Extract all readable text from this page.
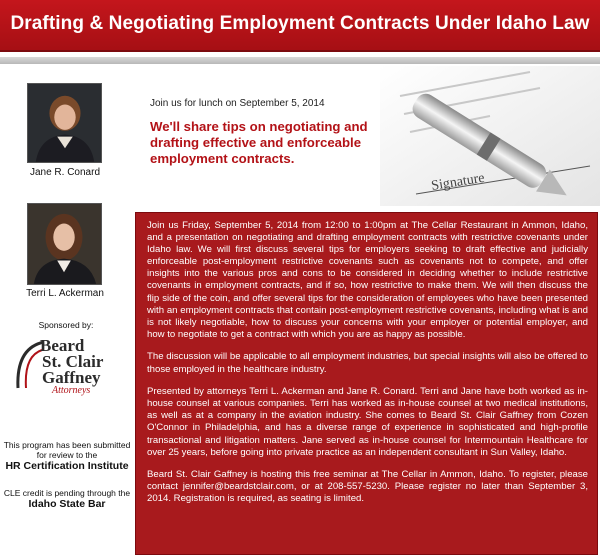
Drafting & Negotiating Employment Contracts Under Idaho Law
Jane R. Conard
Terri L. Ackerman
Sponsored by:
Beard
St. Clair
Gaffney
Attorneys
This program has been submitted for review to the
HR Certification Institute
CLE credit is pending through the
Idaho State Bar
Join us for lunch on September 5, 2014
We'll share tips on negotiating and drafting effective and enforceable employment contracts.
Signature

Join us Friday, September 5, 2014 from 12:00 to 1:00pm at The Cellar Restaurant in Ammon, Idaho, and a presentation on negotiating and drafting employment contracts with restrictive covenants under Idaho law. We will first discuss several tips for employers seeking to draft effective and judicially enforceable post-employment restrictive covenants such as covenants not to compete, and offer insights into the various pros and cons to be considered in deciding whether to include restrictive covenants in employment contracts, and if so, how restrictive to make them. We will then discuss the flip side of the coin, and offer several tips for the consideration of employees who have been presented with an employment contracts that contain post-employment restrictive covenants, including what is and is not likely negotiable, how to discuss your concerns with your employer or potential employer, and how to negotiate to get a contract with which you are as happy as possible.

The discussion will be applicable to all employment industries, but special insights will also be offered to those employed in the healthcare industry.

Presented by attorneys Terri L. Ackerman and Jane R. Conard. Terri and Jane have both worked as in-house counsel at various companies. Terri has worked as in-house counsel at two medical institutions, as well as at a company in the aviation industry. She comes to Beard St. Clair Gaffney from Cozen O'Connor in Philadelphia, and has a diverse range of experience in sophisticated and high-profile transactional and litigation matters. Jane served as in-house counsel for Intermountain Healthcare for over 25 years, before going into private practice as an independent consultant in Sun Valley, Idaho.

Beard St. Clair Gaffney is hosting this free seminar at The Cellar in Ammon, Idaho. To register, please contact jennifer@beardstclair.com, or at 208-557-5230. Please register no later than September 3, 2014. Registration is required, as seating is limited.
